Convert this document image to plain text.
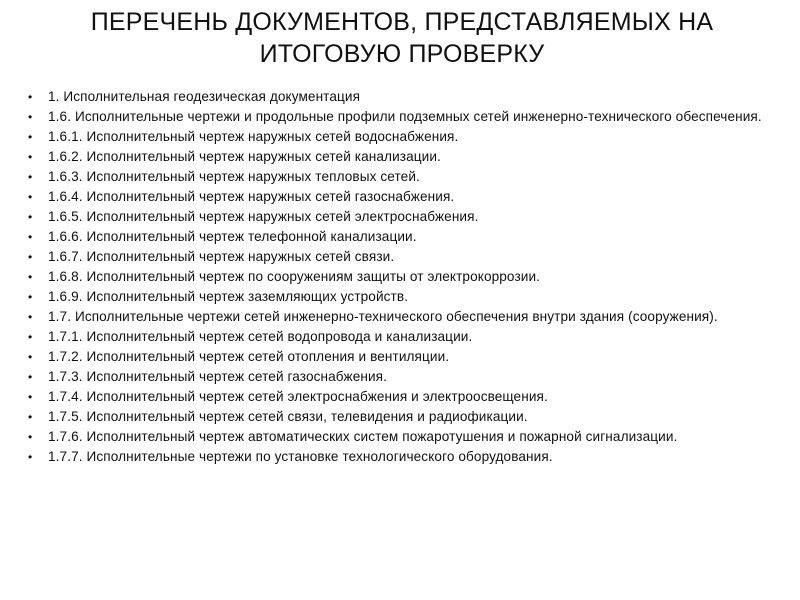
ПЕРЕЧЕНЬ ДОКУМЕНТОВ, ПРЕДСТАВЛЯЕМЫХ НА ИТОГОВУЮ ПРОВЕРКУ
• 1. Исполнительная геодезическая документация
• 1.6. Исполнительные чертежи и продольные профили подземных сетей инженерно-технического обеспечения.
• 1.6.1. Исполнительный чертеж наружных сетей водоснабжения.
• 1.6.2. Исполнительный чертеж наружных сетей канализации.
• 1.6.3. Исполнительный чертеж наружных тепловых сетей.
• 1.6.4. Исполнительный чертеж наружных сетей газоснабжения.
• 1.6.5. Исполнительный чертеж наружных сетей электроснабжения.
• 1.6.6. Исполнительный чертеж телефонной канализации.
• 1.6.7. Исполнительный чертеж наружных сетей связи.
• 1.6.8. Исполнительный чертеж по сооружениям защиты от электрокоррозии.
• 1.6.9. Исполнительный чертеж заземляющих устройств.
• 1.7. Исполнительные чертежи сетей инженерно-технического обеспечения внутри здания (сооружения).
• 1.7.1. Исполнительный чертеж сетей водопровода и канализации.
• 1.7.2. Исполнительный чертеж сетей отопления и вентиляции.
• 1.7.3. Исполнительный чертеж сетей газоснабжения.
• 1.7.4. Исполнительный чертеж сетей электроснабжения и электроосвещения.
• 1.7.5. Исполнительный чертеж сетей связи, телевидения и радиофикации.
• 1.7.6. Исполнительный чертеж автоматических систем пожаротушения и пожарной сигнализации.
• 1.7.7. Исполнительные чертежи по установке технологического оборудования.
